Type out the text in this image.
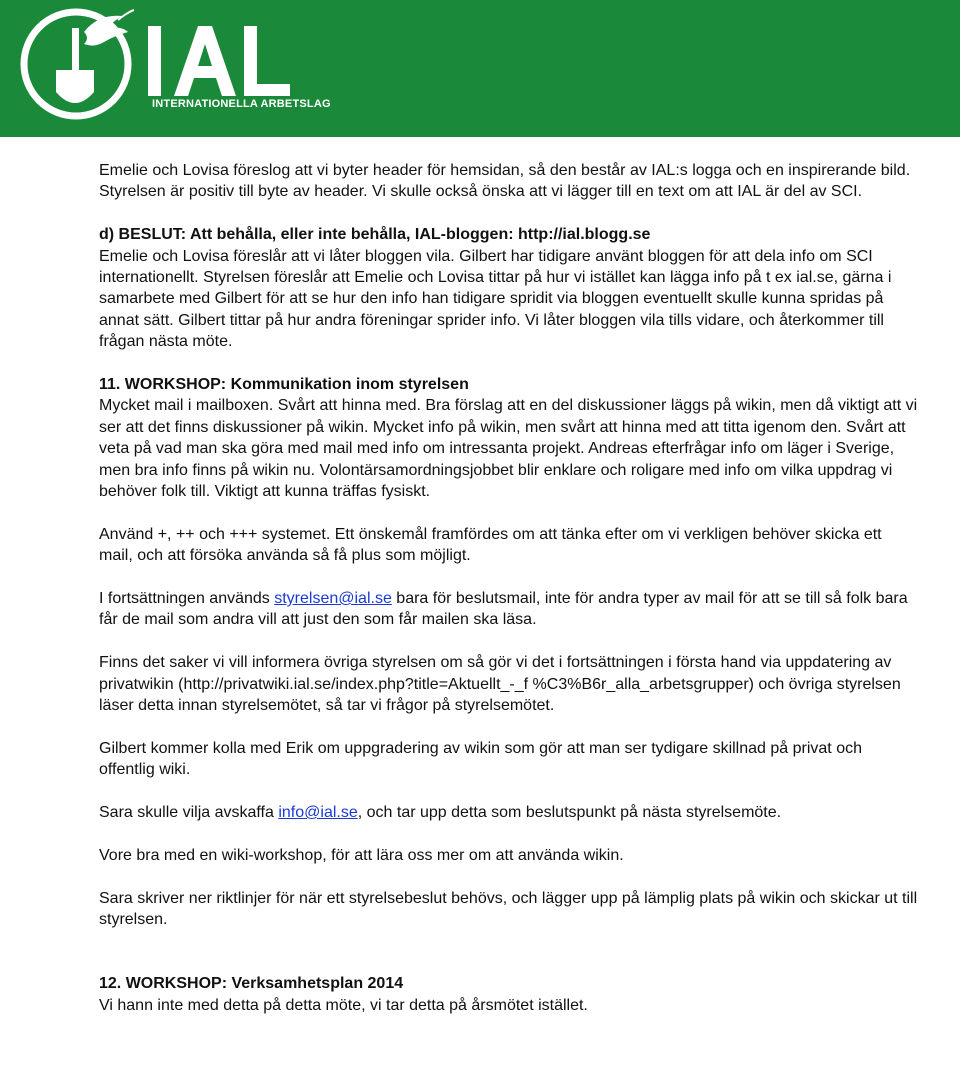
INTERNATIONELLA ARBETSLAG

Emelie och Lovisa föreslog att vi byter header för hemsidan, så den består av IAL:s logga och en inspirerande bild. Styrelsen är positiv till byte av header. Vi skulle också önska att vi lägger till en text om att IAL är del av SCI.

d) BESLUT: Att behålla, eller inte behålla, IAL-bloggen: http://ial.blogg.se

Emelie och Lovisa föreslår att vi låter bloggen vila. Gilbert har tidigare använt bloggen för att dela info om SCI internationellt. Styrelsen föreslår att Emelie och Lovisa tittar på hur vi istället kan lägga info på t ex ial.se, gärna i samarbete med Gilbert för att se hur den info han tidigare spridit via bloggen eventuellt skulle kunna spridas på annat sätt. Gilbert tittar på hur andra föreningar sprider info. Vi låter bloggen vila tills vidare, och återkommer till frågan nästa möte.

11. WORKSHOP: Kommunikation inom styrelsen

Mycket mail i mailboxen. Svårt att hinna med. Bra förslag att en del diskussioner läggs på wikin, men då viktigt att vi ser att det finns diskussioner på wikin. Mycket info på wikin, men svårt att hinna med att titta igenom den. Svårt att veta på vad man ska göra med mail med info om intressanta projekt. Andreas efterfrågar info om läger i Sverige, men bra info finns på wikin nu. Volontärsamordningsjobbet blir enklare och roligare med info om vilka uppdrag vi behöver folk till. Viktigt att kunna träffas fysiskt.

Använd +, ++ och +++ systemet. Ett önskemål framfördes om att tänka efter om vi verkligen behöver skicka ett mail, och att försöka använda så få plus som möjligt.

I fortsättningen används styrelsen@ial.se bara för beslutsmail, inte för andra typer av mail för att se till så folk bara får de mail som andra vill att just den som får mailen ska läsa.

Finns det saker vi vill informera övriga styrelsen om så gör vi det i fortsättningen i första hand via uppdatering av privatwikin (http://privatwiki.ial.se/index.php?title=Aktuellt_-_f %C3%B6r_alla_arbetsgrupper) och övriga styrelsen läser detta innan styrelsemötet, så tar vi frågor på styrelsemötet.

Gilbert kommer kolla med Erik om uppgradering av wikin som gör att man ser tydigare skillnad på privat och offentlig wiki.

Sara skulle vilja avskaffa info@ial.se, och tar upp detta som beslutspunkt på nästa styrelsemöte.

Vore bra med en wiki-workshop, för att lära oss mer om att använda wikin.

Sara skriver ner riktlinjer för när ett styrelsebeslut behövs, och lägger upp på lämplig plats på wikin och skickar ut till styrelsen.

12. WORKSHOP: Verksamhetsplan 2014

Vi hann inte med detta på detta möte, vi tar detta på årsmötet istället.
